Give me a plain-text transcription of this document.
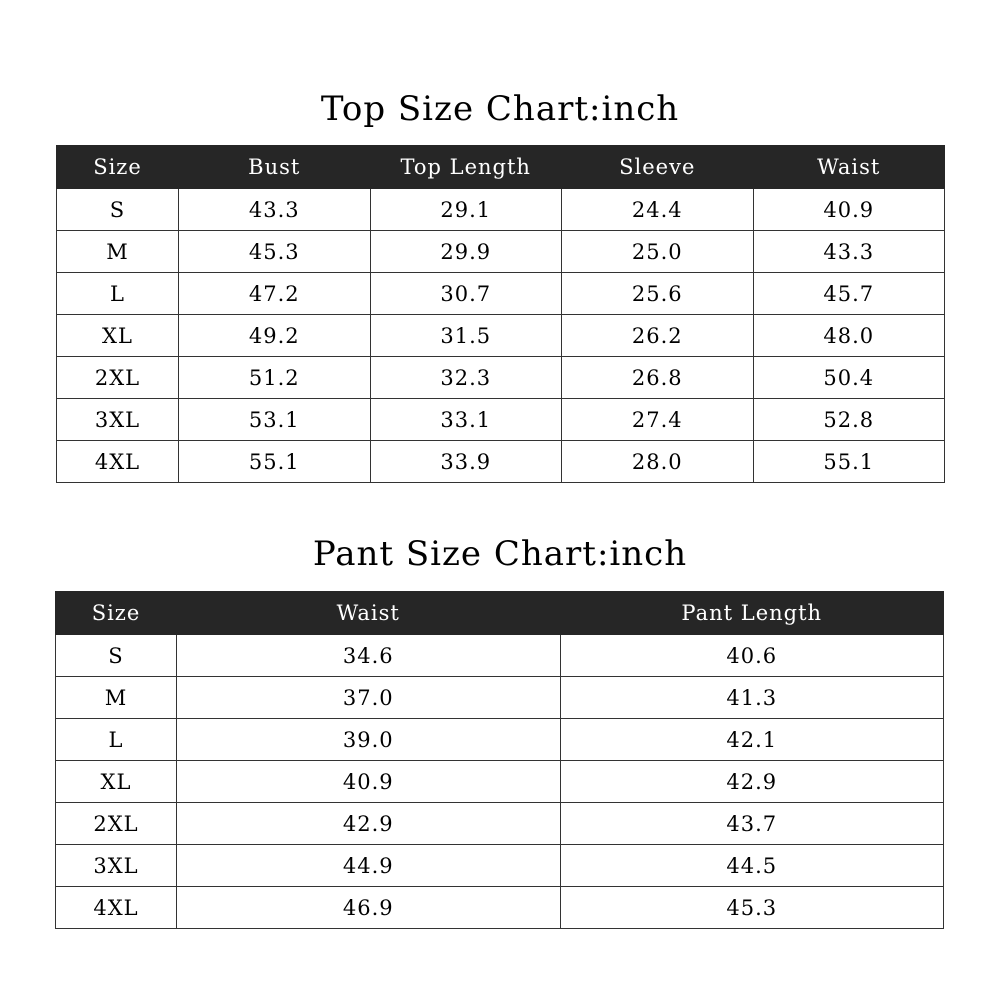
Top Size Chart:inch
Size	Bust	Top Length	Sleeve	Waist
S	43.3	29.1	24.4	40.9
M	45.3	29.9	25.0	43.3
L	47.2	30.7	25.6	45.7
XL	49.2	31.5	26.2	48.0
2XL	51.2	32.3	26.8	50.4
3XL	53.1	33.1	27.4	52.8
4XL	55.1	33.9	28.0	55.1
Pant Size Chart:inch
Size	Waist	Pant Length
S	34.6	40.6
M	37.0	41.3
L	39.0	42.1
XL	40.9	42.9
2XL	42.9	43.7
3XL	44.9	44.5
4XL	46.9	45.3
